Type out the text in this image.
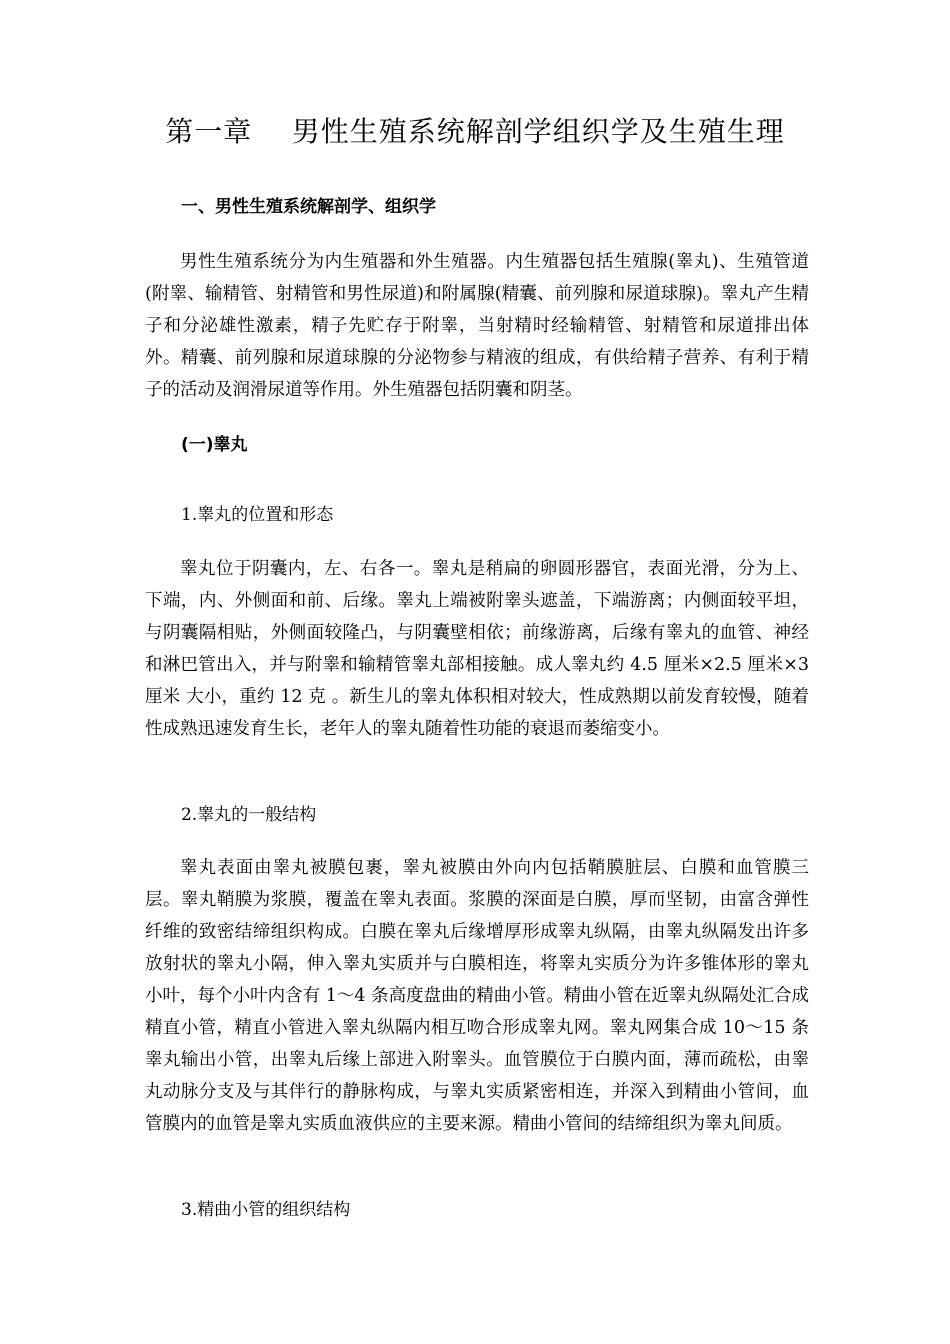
第一章    男性生殖系统解剖学组织学及生殖生理
一、男性生殖系统解剖学、组织学

男性生殖系统分为内生殖器和外生殖器。内生殖器包括生殖腺(睾丸)、生殖管道(附睾、输精管、射精管和男性尿道)和附属腺(精囊、前列腺和尿道球腺)。睾丸产生精子和分泌雄性激素，精子先贮存于附睾，当射精时经输精管、射精管和尿道排出体外。精囊、前列腺和尿道球腺的分泌物参与精液的组成，有供给精子营养、有利于精子的活动及润滑尿道等作用。外生殖器包括阴囊和阴茎。

(一)睾丸
1.睾丸的位置和形态

睾丸位于阴囊内，左、右各一。睾丸是稍扁的卵圆形器官，表面光滑，分为上、下端，内、外侧面和前、后缘。睾丸上端被附睾头遮盖，下端游离；内侧面较平坦，与阴囊隔相贴，外侧面较隆凸，与阴囊壁相依；前缘游离，后缘有睾丸的血管、神经和淋巴管出入，并与附睾和输精管睾丸部相接触。成人睾丸约 4.5 厘米×2.5 厘米×3 厘米 大小，重约 12 克 。新生儿的睾丸体积相对较大，性成熟期以前发育较慢，随着性成熟迅速发育生长，老年人的睾丸随着性功能的衰退而萎缩变小。

2.睾丸的一般结构

睾丸表面由睾丸被膜包裹，睾丸被膜由外向内包括鞘膜脏层、白膜和血管膜三层。睾丸鞘膜为浆膜，覆盖在睾丸表面。浆膜的深面是白膜，厚而坚韧，由富含弹性纤维的致密结缔组织构成。白膜在睾丸后缘增厚形成睾丸纵隔，由睾丸纵隔发出许多放射状的睾丸小隔，伸入睾丸实质并与白膜相连，将睾丸实质分为许多锥体形的睾丸小叶，每个小叶内含有 1～4 条高度盘曲的精曲小管。精曲小管在近睾丸纵隔处汇合成精直小管，精直小管进入睾丸纵隔内相互吻合形成睾丸网。睾丸网集合成 10～15 条睾丸输出小管，出睾丸后缘上部进入附睾头。血管膜位于白膜内面，薄而疏松，由睾丸动脉分支及与其伴行的静脉构成，与睾丸实质紧密相连，并深入到精曲小管间，血管膜内的血管是睾丸实质血液供应的主要来源。精曲小管间的结缔组织为睾丸间质。

3.精曲小管的组织结构
